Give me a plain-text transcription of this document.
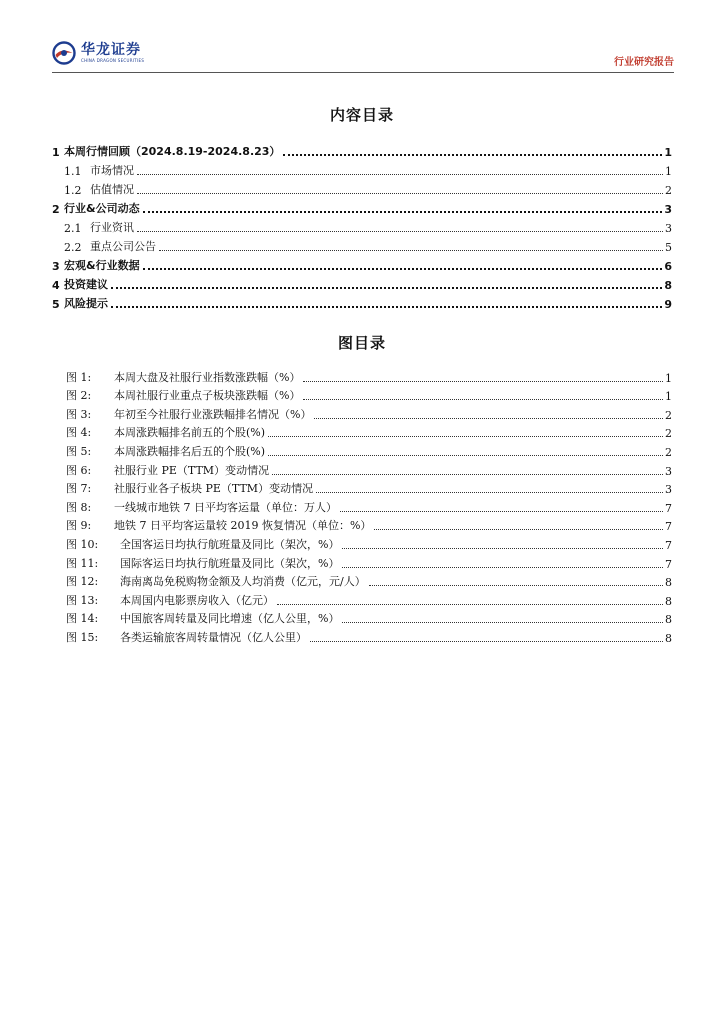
华龙证券
CHINA DRAGON SECURITIES	行业研究报告
内容目录
1 本周行情回顾（2024.8.19-2024.8.23）	1
1.1 市场情况	1
1.2 估值情况	2
2 行业&公司动态	3
2.1 行业资讯	3
2.2 重点公司公告	5
3 宏观&行业数据	6
4 投资建议	8
5 风险提示	9
图目录
图 1:	本周大盘及社服行业指数涨跌幅（%）	1
图 2:	本周社服行业重点子板块涨跌幅（%）	1
图 3:	年初至今社服行业涨跌幅排名情况（%）	2
图 4:	本周涨跌幅排名前五的个股(%)	2
图 5:	本周涨跌幅排名后五的个股(%)	2
图 6:	社服行业 PE（TTM）变动情况	3
图 7:	社服行业各子板块 PE（TTM）变动情况	3
图 8:	一线城市地铁 7 日平均客运量（单位：万人）	7
图 9:	地铁 7 日平均客运量较 2019 恢复情况（单位：%）	7
图 10:	全国客运日均执行航班量及同比（架次，%）	7
图 11:	国际客运日均执行航班量及同比（架次，%）	7
图 12:	海南离岛免税购物金额及人均消费（亿元，元/人）	8
图 13:	本周国内电影票房收入（亿元）	8
图 14:	中国旅客周转量及同比增速（亿人公里，%）	8
图 15:	各类运输旅客周转量情况（亿人公里）	8
